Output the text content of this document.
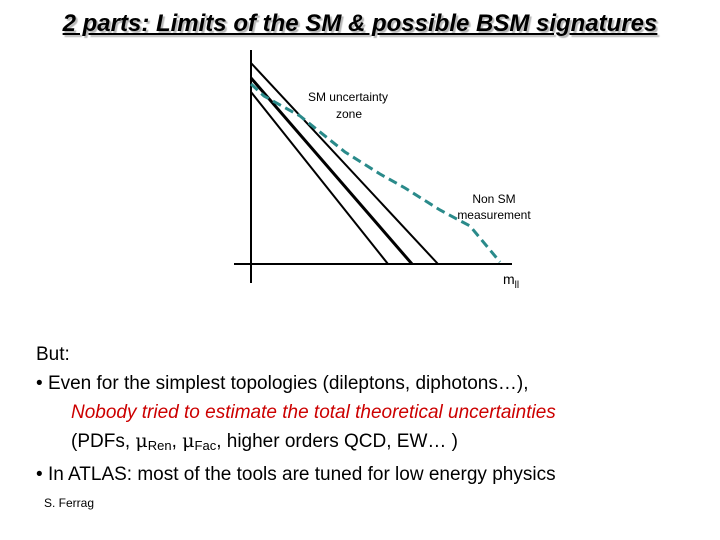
2 parts: Limits of the SM & possible BSM signatures
SM uncertainty
zone
Non SM
measurement
$m_{ll}$
But:
• Even for the simplest topologies (dileptons, diphotons…),
Nobody tried to estimate the total theoretical uncertainties
(PDFs, $\mu_{Ren}$, $\mu_{Fac}$, higher orders QCD, EW… )
• In ATLAS: most of the tools are tuned for low energy physics
S. Ferrag
